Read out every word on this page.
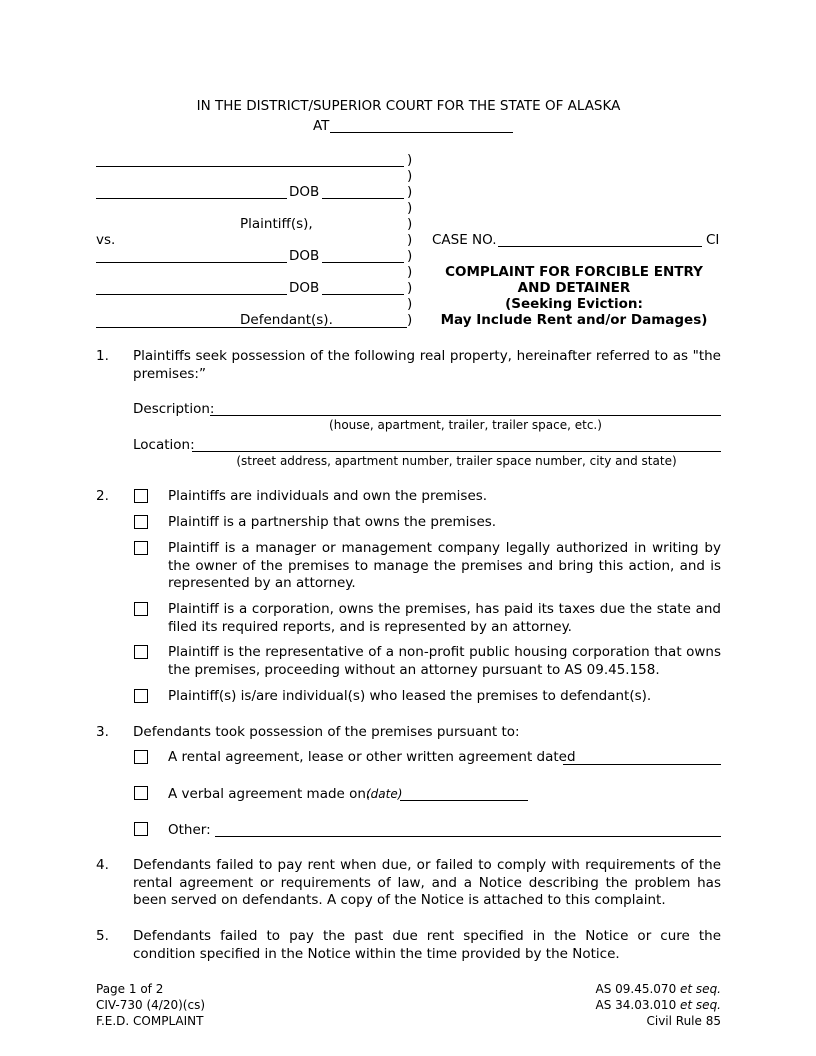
IN THE DISTRICT/SUPERIOR COURT FOR THE STATE OF ALASKA
AT
DOB
Plaintiff(s),
vs.
DOB
DOB
Defendant(s).
)
)
)
)
)
)
)
)
)
)
)
CASE NO.	CI
COMPLAINT FOR FORCIBLE ENTRY
AND DETAINER
(Seeking Eviction:
May Include Rent and/or Damages)
1. Plaintiffs seek possession of the following real property, hereinafter referred to as "the premises:”
Description:
(house, apartment, trailer, trailer space, etc.)
Location:
(street address, apartment number, trailer space number, city and state)
2.	Plaintiffs are individuals and own the premises.
Plaintiff is a partnership that owns the premises.
Plaintiff is a manager or management company legally authorized in writing by the owner of the premises to manage the premises and bring this action, and is represented by an attorney.
Plaintiff is a corporation, owns the premises, has paid its taxes due the state and filed its required reports, and is represented by an attorney.
Plaintiff is the representative of a non-profit public housing corporation that owns the premises, proceeding without an attorney pursuant to AS 09.45.158.
Plaintiff(s) is/are individual(s) who leased the premises to defendant(s).
3. Defendants took possession of the premises pursuant to:
A rental agreement, lease or other written agreement dated
A verbal agreement made on:
(date)
Other:
4. Defendants failed to pay rent when due, or failed to comply with requirements of the rental agreement or requirements of law, and a Notice describing the problem has been served on defendants. A copy of the Notice is attached to this complaint.
5. Defendants failed to pay the past due rent specified in the Notice or cure the condition specified in the Notice within the time provided by the Notice.
Page 1 of 2
CIV-730 (4/20)(cs)
F.E.D. COMPLAINT
AS 09.45.070 et seq.
AS 34.03.010 et seq.
Civil Rule 85
